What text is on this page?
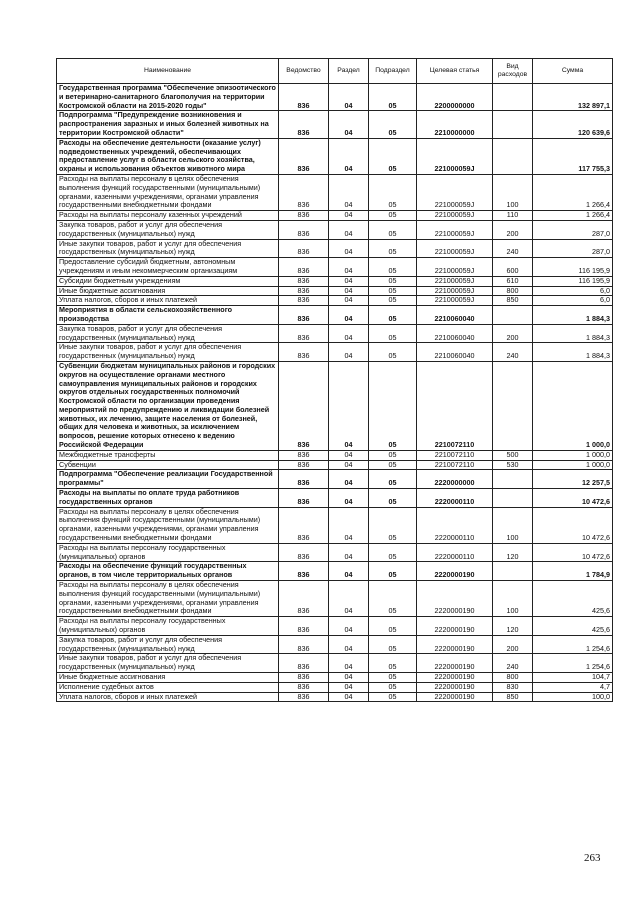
Наименование	Ведомство	Раздел	Подраздел	Целевая статья	Вид расходов	Сумма
Государственная программа "Обеспечение эпизоотического и ветеринарно-санитарного благополучия на территории Костромской области на 2015-2020 годы"	836	04	05	2200000000		132 897,1
Подпрограмма "Предупреждение возникновения и распространения заразных и иных болезней животных на территории Костромской области"	836	04	05	2210000000		120 639,6
Расходы на обеспечение деятельности (оказание услуг) подведомственных учреждений, обеспечивающих предоставление услуг в области сельского хозяйства, охраны и использования объектов животного мира	836	04	05	221000059J		117 755,3
Расходы на выплаты персоналу в целях обеспечения выполнения функций государственными (муниципальными) органами, казенными учреждениями, органами управления государственными внебюджетными фондами	836	04	05	221000059J	100	1 266,4
Расходы на выплаты персоналу казенных учреждений	836	04	05	221000059J	110	1 266,4
Закупка товаров, работ и услуг для обеспечения государственных (муниципальных) нужд	836	04	05	221000059J	200	287,0
Иные закупки товаров, работ и услуг для обеспечения государственных (муниципальных) нужд	836	04	05	221000059J	240	287,0
Предоставление субсидий бюджетным, автономным учреждениям и иным некоммерческим организациям	836	04	05	221000059J	600	116 195,9
Субсидии бюджетным учреждениям	836	04	05	221000059J	610	116 195,9
Иные бюджетные ассигнования	836	04	05	221000059J	800	6,0
Уплата налогов, сборов и иных платежей	836	04	05	221000059J	850	6,0
Мероприятия в области сельскохозяйственного производства	836	04	05	2210060040		1 884,3
Закупка товаров, работ и услуг для обеспечения государственных (муниципальных) нужд	836	04	05	2210060040	200	1 884,3
Иные закупки товаров, работ и услуг для обеспечения государственных (муниципальных) нужд	836	04	05	2210060040	240	1 884,3
Субвенции бюджетам муниципальных районов и городских округов на осуществление органами местного самоуправления муниципальных районов и городских округов отдельных государственных полномочий Костромской области по организации проведения мероприятий по предупреждению и ликвидации болезней животных, их лечению, защите населения от болезней, общих для человека и животных, за исключением вопросов, решение которых отнесено к ведению Российской Федерации	836	04	05	2210072110		1 000,0
Межбюджетные трансферты	836	04	05	2210072110	500	1 000,0
Субвенции	836	04	05	2210072110	530	1 000,0
Подпрограмма "Обеспечение реализации Государственной программы"	836	04	05	2220000000		12 257,5
Расходы на выплаты по оплате труда работников государственных органов	836	04	05	2220000110		10 472,6
Расходы на выплаты персоналу в целях обеспечения выполнения функций государственными (муниципальными) органами, казенными учреждениями, органами управления государственными внебюджетными фондами	836	04	05	2220000110	100	10 472,6
Расходы на выплаты персоналу государственных (муниципальных) органов	836	04	05	2220000110	120	10 472,6
Расходы на обеспечение функций государственных органов, в том числе территориальных органов	836	04	05	2220000190		1 784,9
Расходы на выплаты персоналу в целях обеспечения выполнения функций государственными (муниципальными) органами, казенными учреждениями, органами управления государственными внебюджетными фондами	836	04	05	2220000190	100	425,6
Расходы на выплаты персоналу государственных (муниципальных) органов	836	04	05	2220000190	120	425,6
Закупка товаров, работ и услуг для обеспечения государственных (муниципальных) нужд	836	04	05	2220000190	200	1 254,6
Иные закупки товаров, работ и услуг для обеспечения государственных (муниципальных) нужд	836	04	05	2220000190	240	1 254,6
Иные бюджетные ассигнования	836	04	05	2220000190	800	104,7
Исполнение судебных актов	836	04	05	2220000190	830	4,7
Уплата налогов, сборов и иных платежей	836	04	05	2220000190	850	100,0
263
